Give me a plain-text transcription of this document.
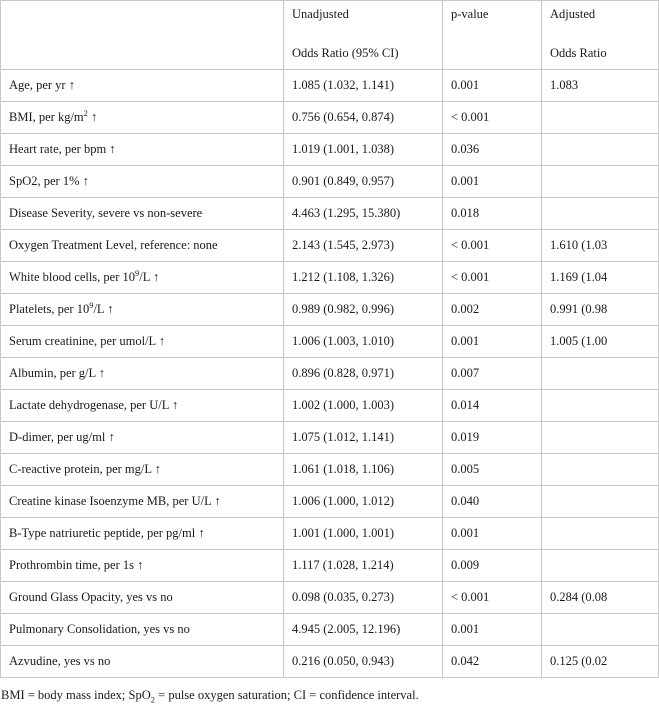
	Unadjusted
Odds Ratio (95% CI)	p-value	Adjusted
Odds Ratio

Age, per yr ↑	1.085 (1.032, 1.141)	0.001	1.083
BMI, per $kg/m^2$ ↑	0.756 (0.654, 0.874)	< 0.001	
Heart rate, per bpm ↑	1.019 (1.001, 1.038)	0.036	
SpO2, per 1% ↑	0.901 (0.849, 0.957)	0.001	
Disease Severity, severe vs non-severe	4.463 (1.295, 15.380)	0.018	
Oxygen Treatment Level, reference: none	2.143 (1.545, 2.973)	< 0.001	1.610 (1.03
White blood cells, per $10^9/L$ ↑	1.212 (1.108, 1.326)	< 0.001	1.169 (1.04
Platelets, per $10^9/L$ ↑	0.989 (0.982, 0.996)	0.002	0.991 (0.98
Serum creatinine, per umol/L ↑	1.006 (1.003, 1.010)	0.001	1.005 (1.00
Albumin, per g/L ↑	0.896 (0.828, 0.971)	0.007	
Lactate dehydrogenase, per U/L ↑	1.002 (1.000, 1.003)	0.014	
D-dimer, per ug/ml ↑	1.075 (1.012, 1.141)	0.019	
C-reactive protein, per mg/L ↑	1.061 (1.018, 1.106)	0.005	
Creatine kinase Isoenzyme MB, per U/L ↑	1.006 (1.000, 1.012)	0.040	
B-Type natriuretic peptide, per pg/ml ↑	1.001 (1.000, 1.001)	0.001	
Prothrombin time, per 1s ↑	1.117 (1.028, 1.214)	0.009	
Ground Glass Opacity, yes vs no	0.098 (0.035, 0.273)	< 0.001	0.284 (0.08
Pulmonary Consolidation, yes vs no	4.945 (2.005, 12.196)	0.001	
Azvudine, yes vs no	0.216 (0.050, 0.943)	0.042	0.125 (0.02
BMI = body mass index; SpO$_2$ = pulse oxygen saturation; CI = confidence interval.
